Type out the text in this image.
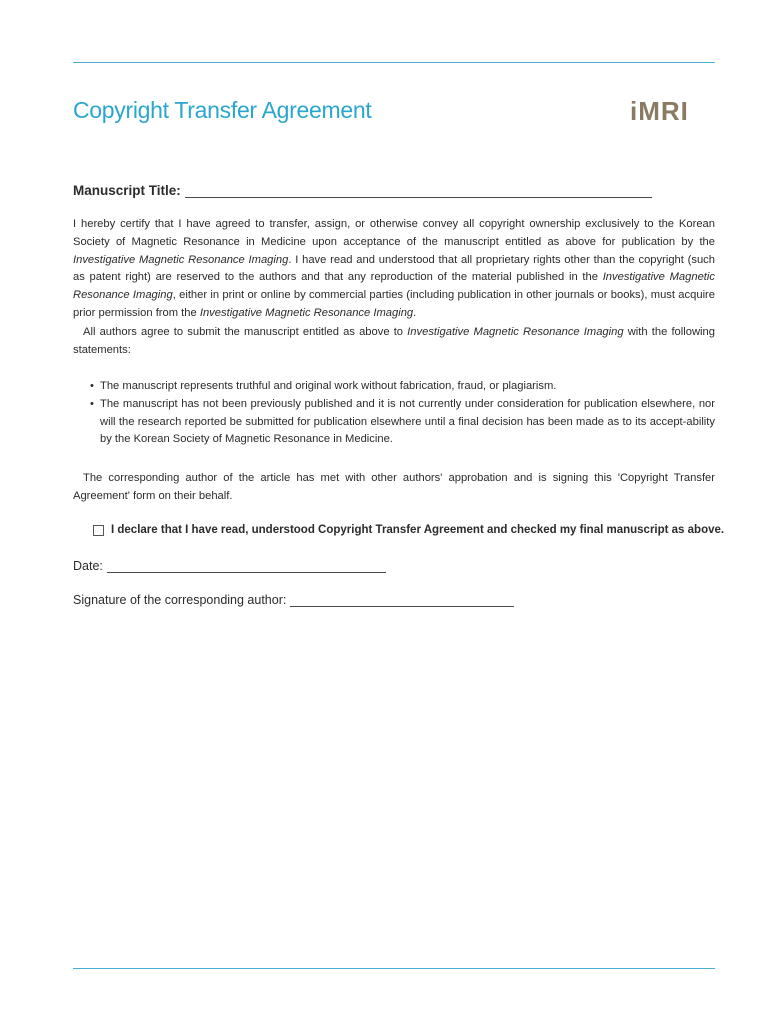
Copyright Transfer Agreement	iMRI
Manuscript Title:

I hereby certify that I have agreed to transfer, assign, or otherwise convey all copyright ownership exclusively to the Korean Society of Magnetic Resonance in Medicine upon acceptance of the manuscript entitled as above for publication by the Investigative Magnetic Resonance Imaging. I have read and understood that all proprietary rights other than the copyright (such as patent right) are reserved to the authors and that any reproduction of the material published in the Investigative Magnetic Resonance Imaging, either in print or online by commercial parties (including publication in other journals or books), must acquire prior permission from the Investigative Magnetic Resonance Imaging.

All authors agree to submit the manuscript entitled as above to Investigative Magnetic Resonance Imaging with the following statements:

• The manuscript represents truthful and original work without fabrication, fraud, or plagiarism.
• The manuscript has not been previously published and it is not currently under consideration for publication elsewhere, nor will the research reported be submitted for publication elsewhere until a final decision has been made as to its accept-ability by the Korean Society of Magnetic Resonance in Medicine.

The corresponding author of the article has met with other authors' approbation and is signing this 'Copyright Transfer Agreement' form on their behalf.

I declare that I have read, understood Copyright Transfer Agreement and checked my final manuscript as above.
Date:
Signature of the corresponding author:
